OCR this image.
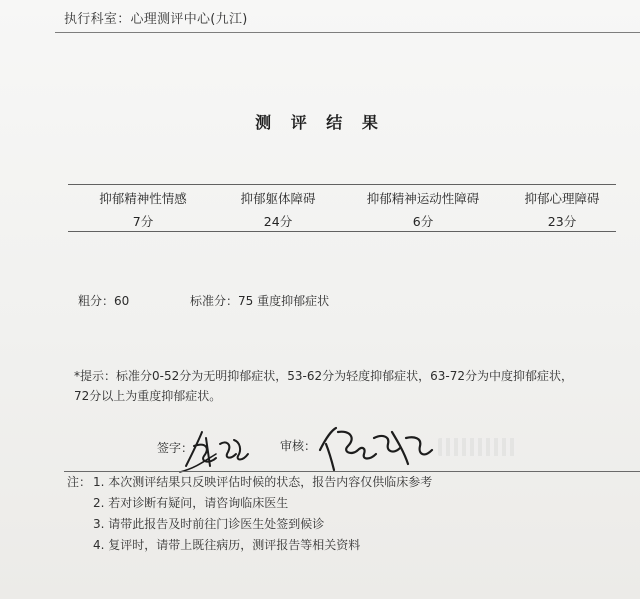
执行科室：心理测评中心(九江)
测 评 结 果
抑郁精神性情感	抑郁躯体障碍	抑郁精神运动性障碍	抑郁心理障碍
7分	24分	6分	23分
粗分：60	标准分：75 重度抑郁症状
*提示：标准分0-52分为无明抑郁症状，53-62分为轻度抑郁症状，63-72分为中度抑郁症状，
72分以上为重度抑郁症状。
签字：	审核：
注： 1. 本次测评结果只反映评估时候的状态，报告内容仅供临床参考
2. 若对诊断有疑问，请咨询临床医生
3. 请带此报告及时前往门诊医生处签到候诊
4. 复评时，请带上既往病历，测评报告等相关资料
